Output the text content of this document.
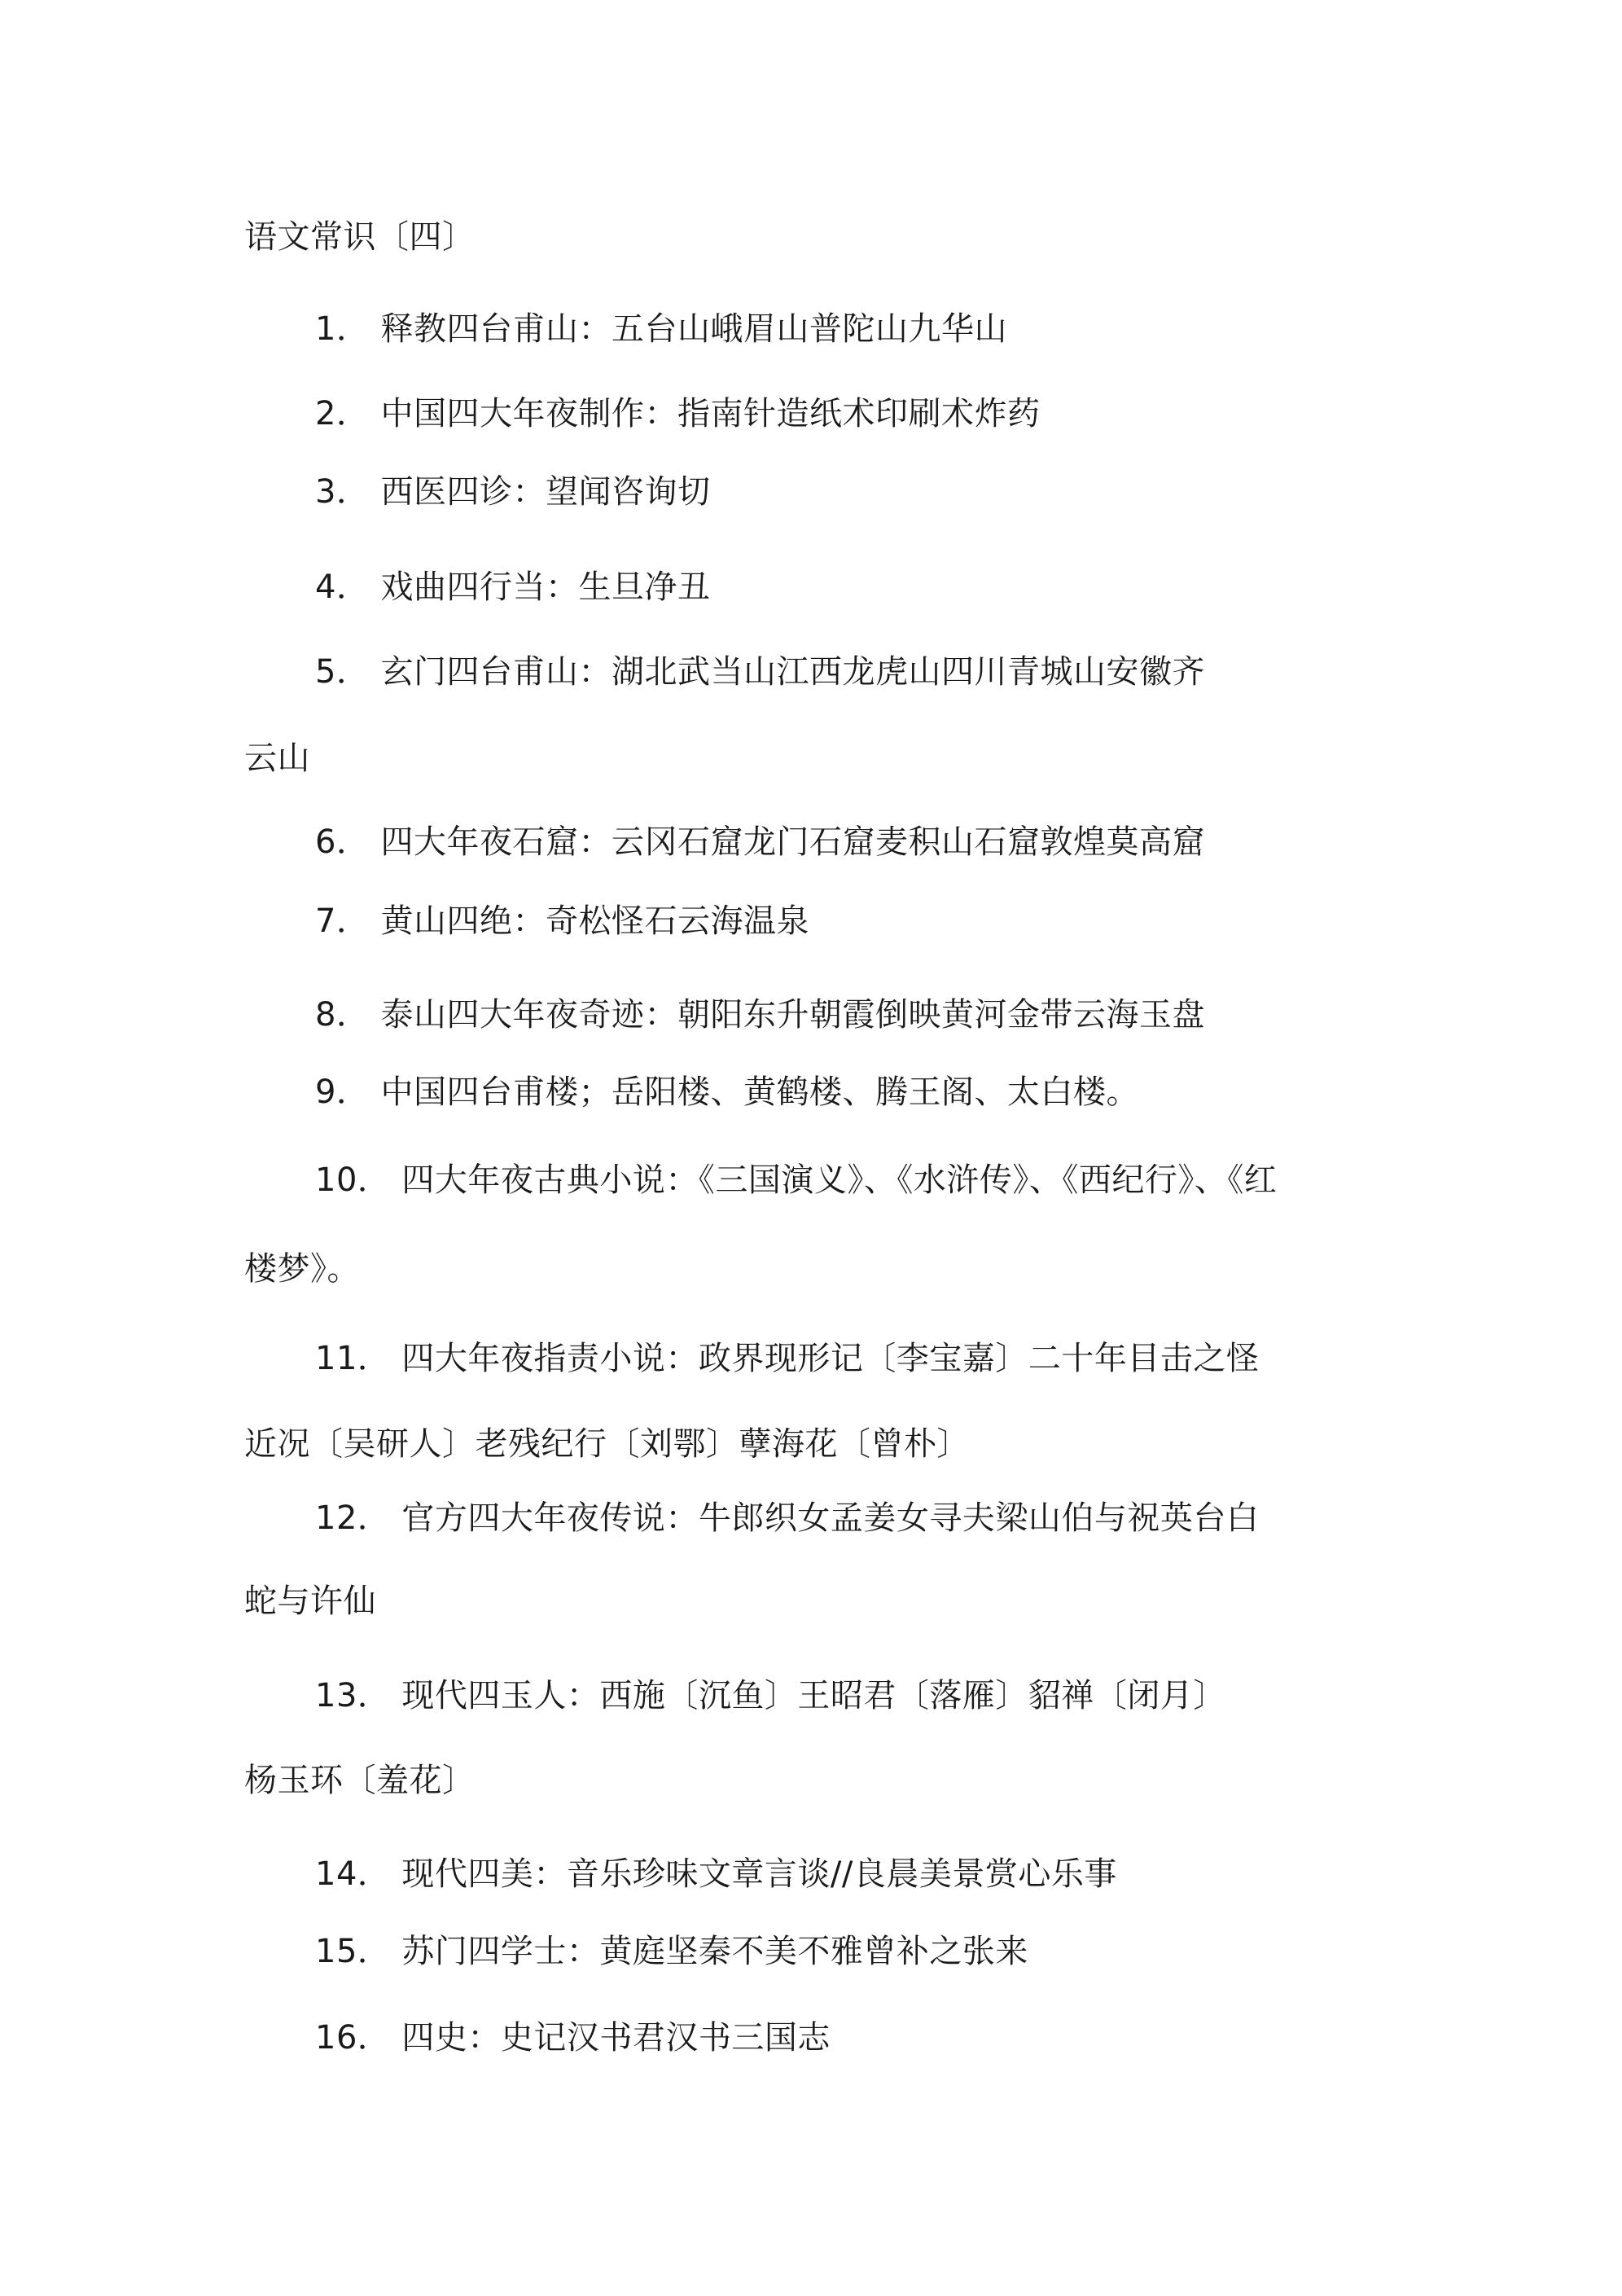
语文常识〔四〕
1． 释教四台甫山：五台山峨眉山普陀山九华山
2． 中国四大年夜制作：指南针造纸术印刷术炸药
3． 西医四诊：望闻咨询切
4． 戏曲四行当：生旦净丑
5． 玄门四台甫山：湖北武当山江西龙虎山四川青城山安徽齐
云山
6． 四大年夜石窟：云冈石窟龙门石窟麦积山石窟敦煌莫高窟
7． 黄山四绝：奇松怪石云海温泉
8． 泰山四大年夜奇迹：朝阳东升朝霞倒映黄河金带云海玉盘
9． 中国四台甫楼；岳阳楼、黄鹤楼、腾王阁、太白楼。
10． 四大年夜古典小说：《三国演义》、《水浒传》、《西纪行》、《红
楼梦》。
11． 四大年夜指责小说：政界现形记〔李宝嘉〕二十年目击之怪
近况〔吴研人〕老残纪行〔刘鄂〕孽海花〔曾朴〕
12． 官方四大年夜传说：牛郎织女孟姜女寻夫梁山伯与祝英台白
蛇与许仙
13． 现代四玉人：西施〔沉鱼〕王昭君〔落雁〕貂禅〔闭月〕
杨玉环〔羞花〕
14． 现代四美：音乐珍味文章言谈//良晨美景赏心乐事
15． 苏门四学士：黄庭坚秦不美不雅曾补之张来
16． 四史：史记汉书君汉书三国志
